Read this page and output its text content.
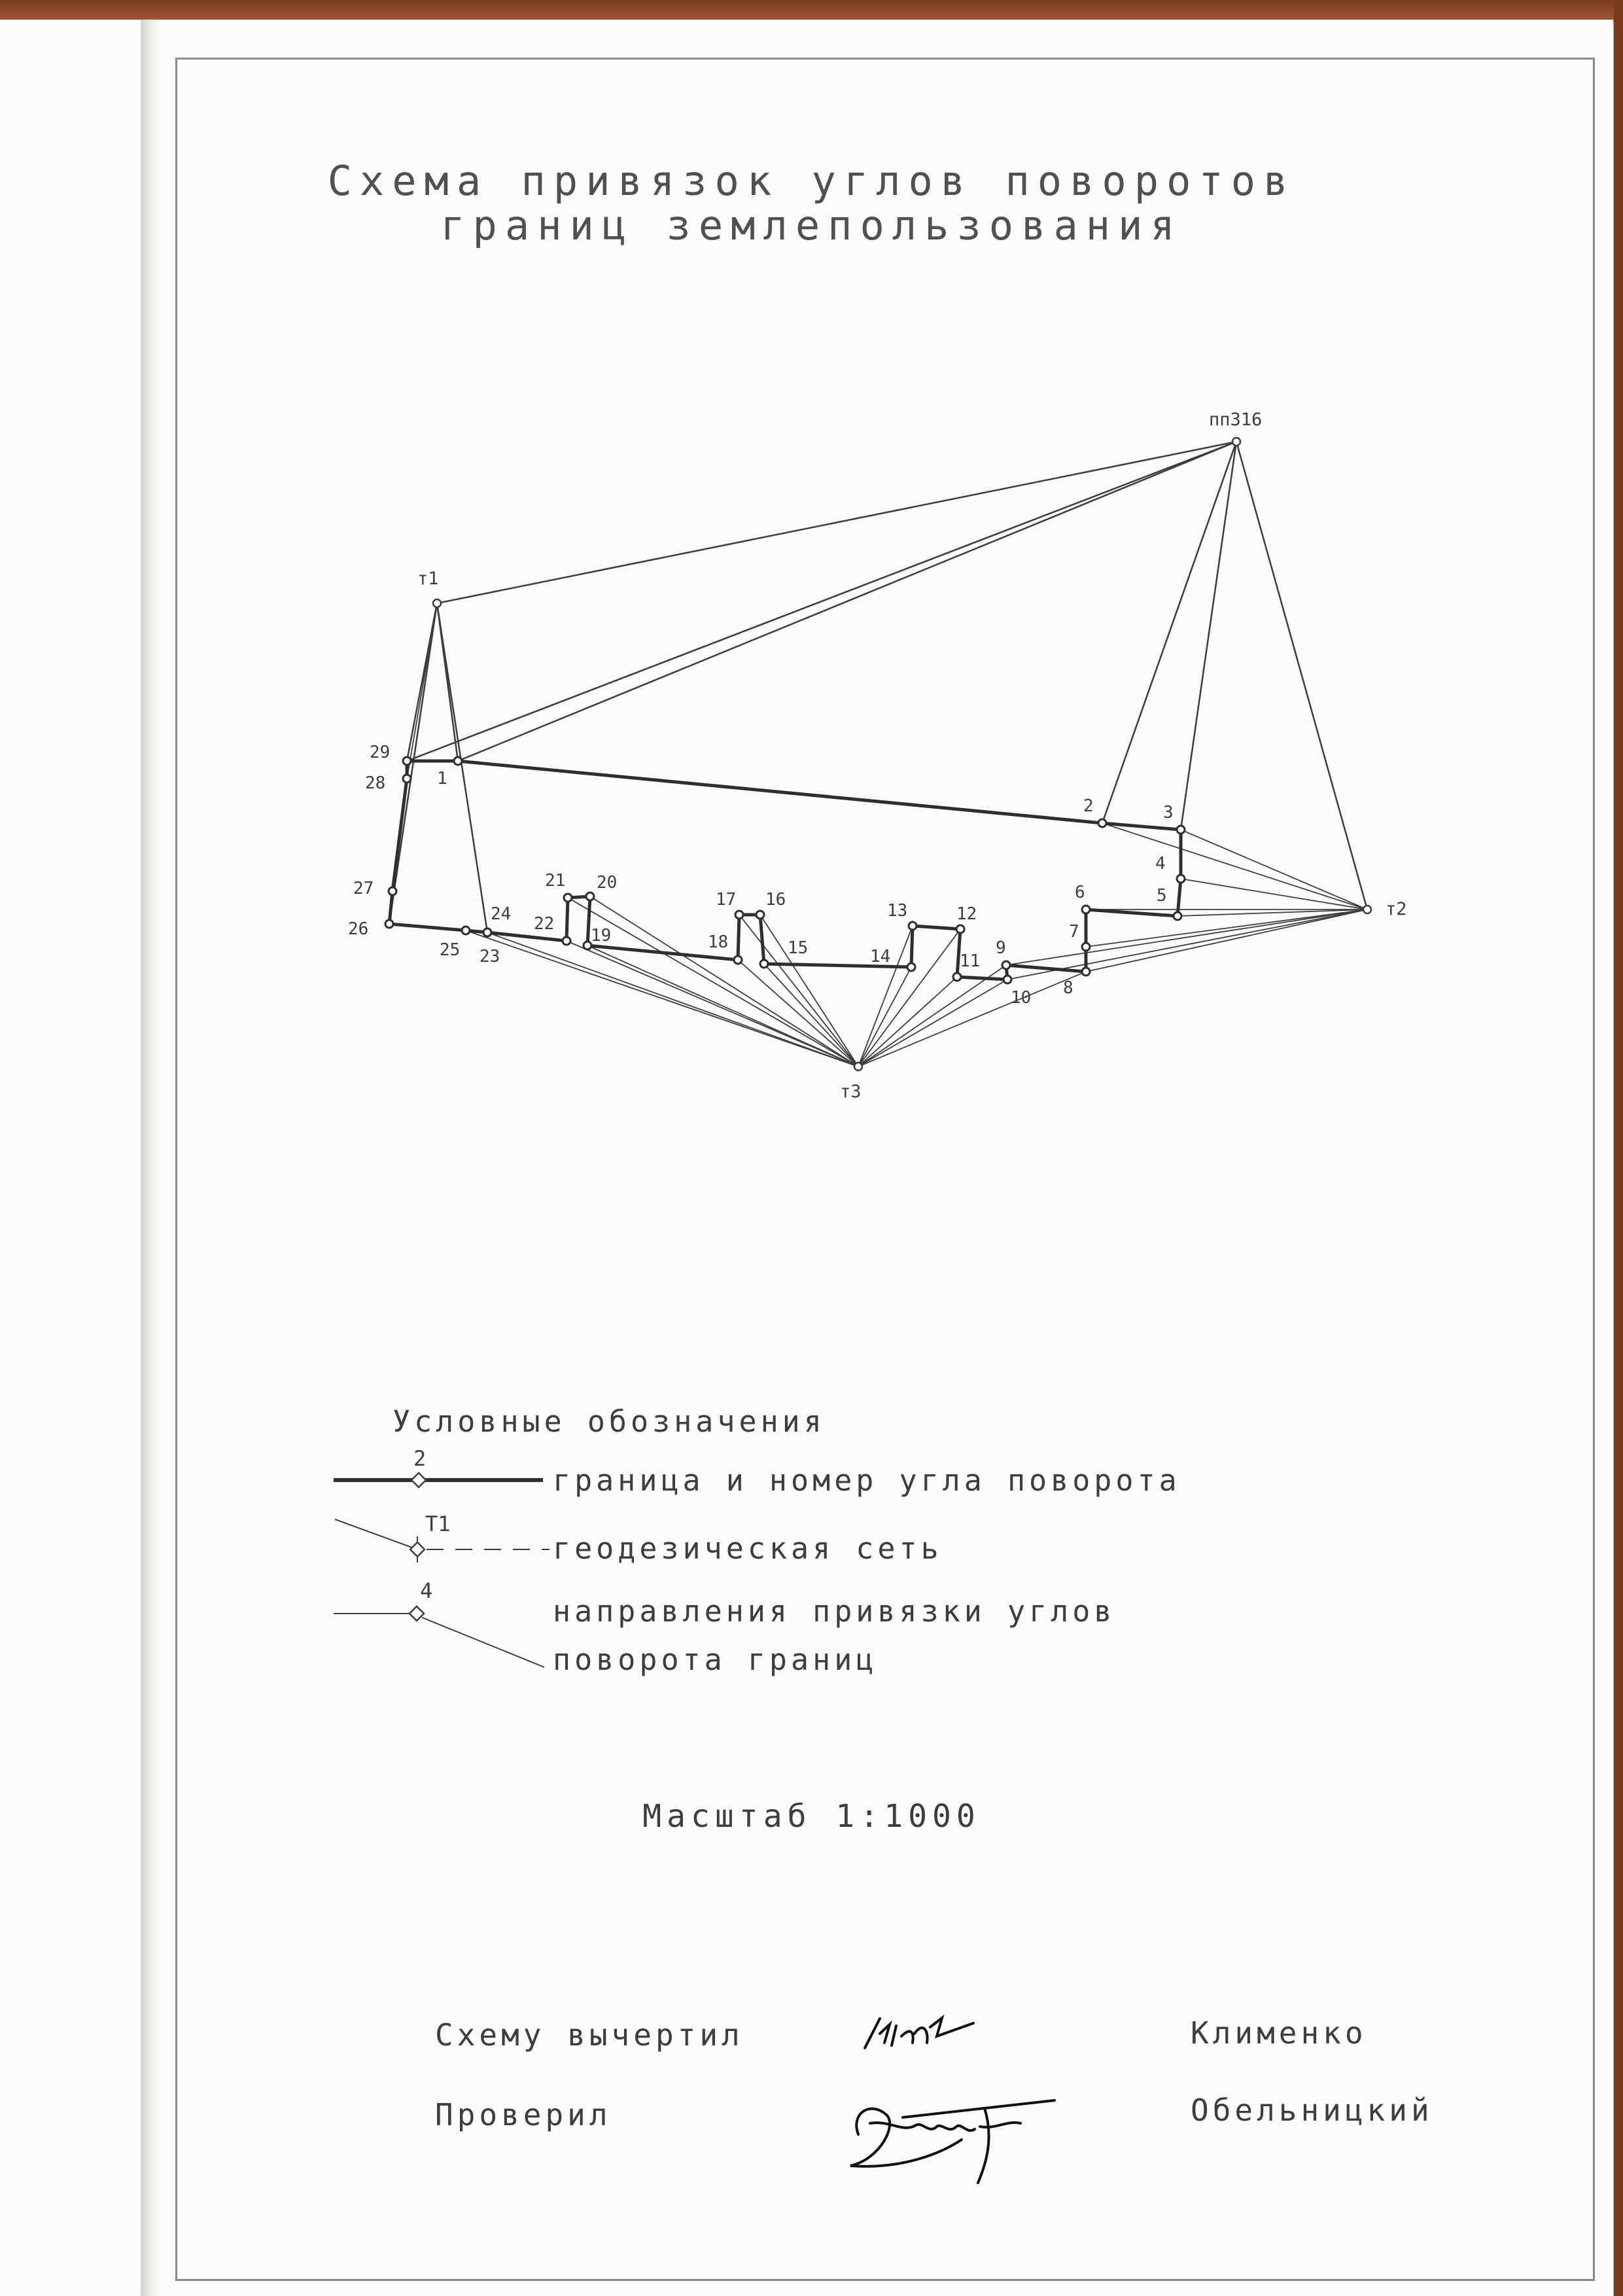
Схема привязок углов поворотов
границ землепользования
1
2	3
4
5
6
7
8
9
10
11
12
13
14
15
16
17
18
19
20
21
22
23
24
25
26
27
28
29
пп316
т1
т2
т3
2
T1
4
Условные обозначения
граница и номер угла поворота
геодезическая сеть
направления привязки углов
поворота границ
Масштаб 1:1000
Схему вычертил	Клименко
Проверил	Обельницкий
